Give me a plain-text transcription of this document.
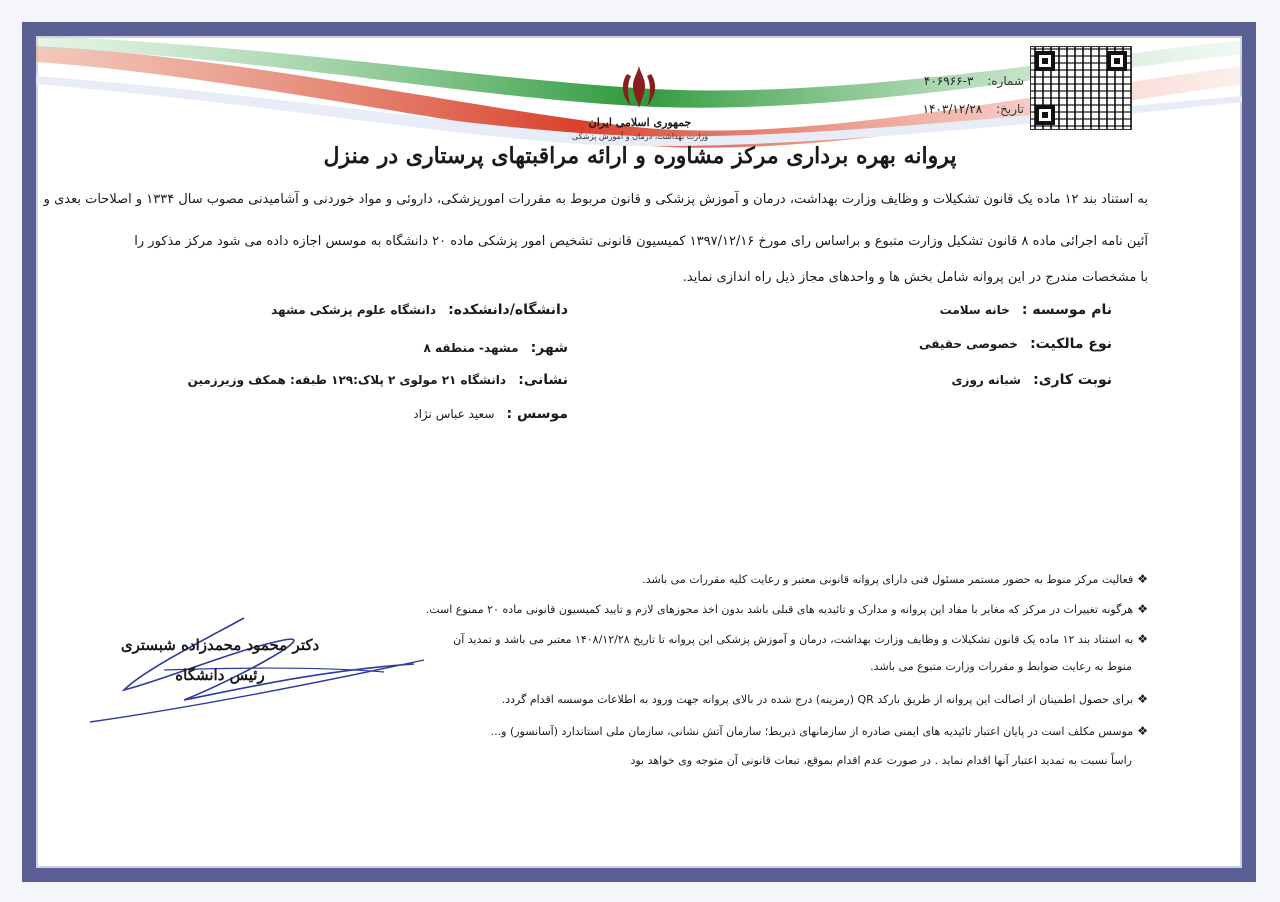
جمهوری اسلامی ایران
وزارت بهداشت، درمان و آموزش پزشکی
شماره: ۳-۴۰۶۹۶۶
تاریخ: ۱۴۰۳/۱۲/۲۸
پروانه بهره برداری مرکز مشاوره و ارائه مراقبتهای پرستاری در منزل
به استناد بند ۱۲ ماده یک قانون تشکیلات و وظایف وزارت بهداشت، درمان و آموزش پزشکی و قانون مربوط به مقررات امورپزشکی، داروئی و مواد خوردنی و آشامیدنی مصوب سال ۱۳۳۴ و اصلاحات بعدی و
آئین نامه اجرائی ماده ۸ قانون تشکیل وزارت متبوع و براساس رای مورخ ۱۳۹۷/۱۲/۱۶ کمیسیون قانونی تشخیص امور پزشکی ماده ۲۰ دانشگاه به موسس اجازه داده می شود مرکز مذکور را
با مشخصات مندرج در این پروانه شامل بخش ها و واحدهای مجاز ذیل راه اندازی نماید.
نام موسسه : خانه سلامت
نوع مالکیت: خصوصی حقیقی
نوبت کاری: شبانه روزی
دانشگاه/دانشکده: دانشگاه علوم پزشکی مشهد
شهر: مشهد- منطقه ۸
نشانی: دانشگاه ۲۱ مولوی ۲ پلاک:۱۲۹ طبقه: همکف وزیرزمین
موسس : سعید عباس نژاد
❖فعالیت مرکز منوط به حضور مستمر مسئول فنی دارای پروانه قانونی معتبر و رعایت کلیه مقررات می باشد.
❖هرگونه تغییرات در مرکز که مغایر با مفاد این پروانه و مدارک و تائیدیه های قبلی باشد بدون اخذ مجوزهای لازم و تایید کمیسیون قانونی ماده ۲۰ ممنوع است.
❖به استناد بند ۱۲ ماده یک قانون تشکیلات و وظایف وزارت بهداشت، درمان و آموزش پزشکی این پروانه تا تاریخ ۱۴۰۸/۱۲/۲۸ معتبر می باشد و تمدید آن
منوط به رعایت ضوابط و مقررات وزارت متبوع می باشد.
❖برای حصول اطمینان از اصالت این پروانه از طریق بارکد QR (رمزینه) درج شده در بالای پروانه جهت ورود به اطلاعات موسسه اقدام گردد.
❖موسس مکلف است در پایان اعتبار تائیدیه های ایمنی صادره از سازمانهای ذیربط؛ سازمان آتش نشانی، سازمان ملی استاندارد (آسانسور) و...
راساً نسبت به تمدید اعتبار آنها اقدام نماید . در صورت عدم اقدام بموقع، تبعات قانونی آن متوجه وی خواهد بود
دکتر محمود محمدزاده شبستری
رئیس دانشگاه
